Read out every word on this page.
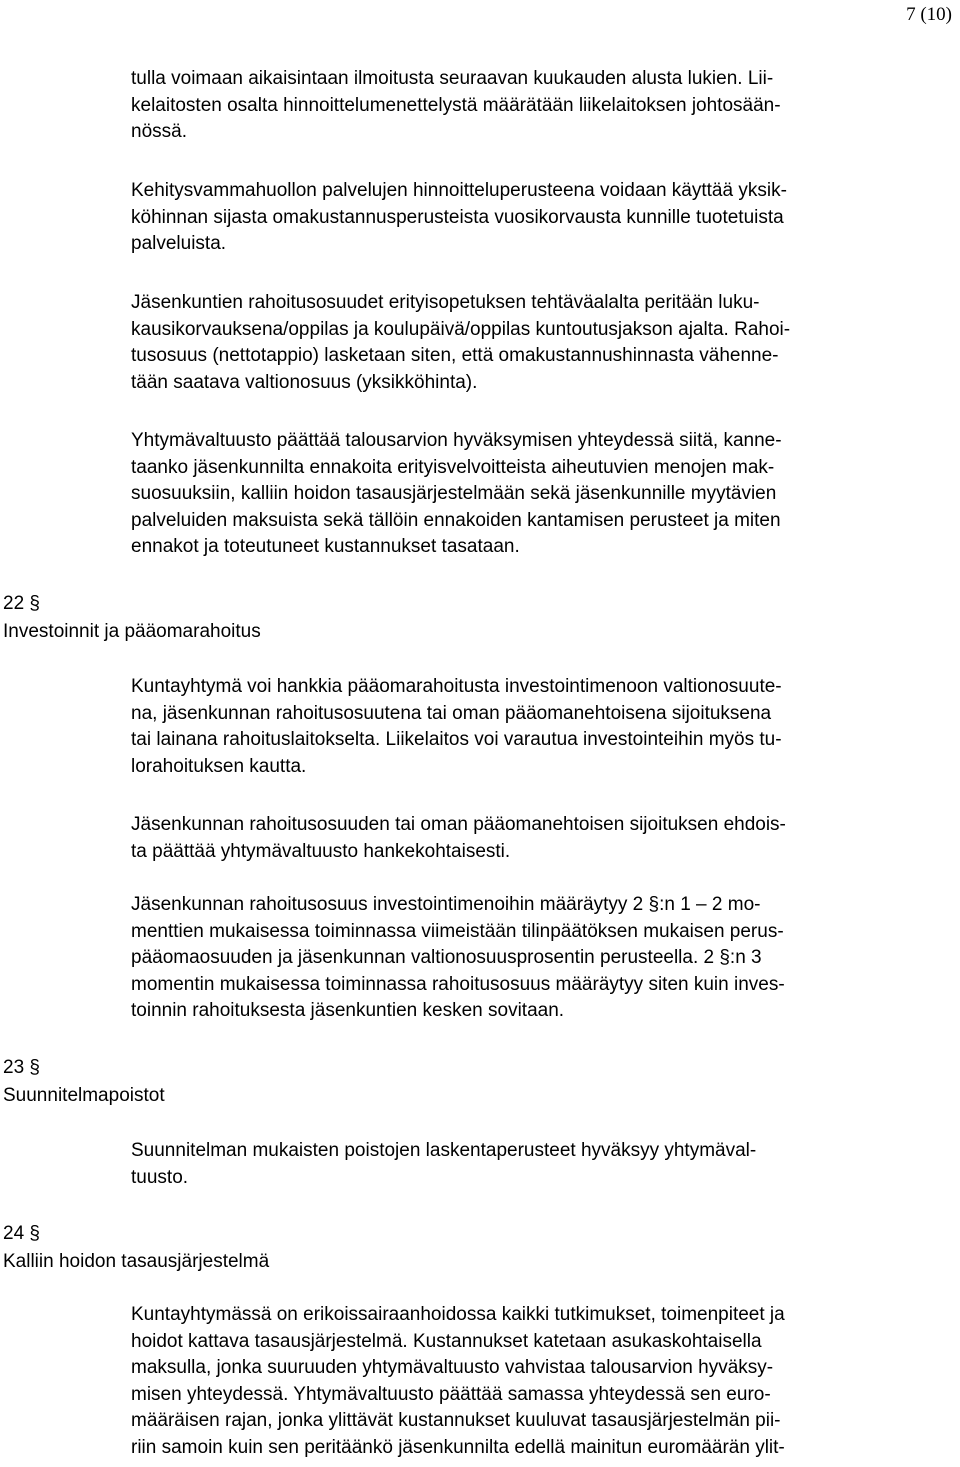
7 (10)

tulla voimaan aikaisintaan ilmoitusta seuraavan kuukauden alusta lukien. Lii-
kelaitosten osalta hinnoittelumenettelystä määrätään liikelaitoksen johtosään-
nössä.

Kehitysvammahuollon palvelujen hinnoitteluperusteena voidaan käyttää yksik-
köhinnan sijasta omakustannusperusteista vuosikorvausta kunnille tuotetuista
palveluista.

Jäsenkuntien rahoitusosuudet erityisopetuksen tehtäväalalta peritään luku-
kausikorvauksena/oppilas ja koulupäivä/oppilas kuntoutusjakson ajalta. Rahoi-
tusosuus (nettotappio) lasketaan siten, että omakustannushinnasta vähenne-
tään saatava valtionosuus (yksikköhinta).

Yhtymävaltuusto päättää talousarvion hyväksymisen yhteydessä siitä, kanne-
taanko jäsenkunnilta ennakoita erityisvelvoitteista aiheutuvien menojen mak-
suosuuksiin, kalliin hoidon tasausjärjestelmään sekä jäsenkunnille myytävien
palveluiden maksuista sekä tällöin ennakoiden kantamisen perusteet ja miten
ennakot ja toteutuneet kustannukset tasataan.

22 §
Investoinnit ja pääomarahoitus

Kuntayhtymä voi hankkia pääomarahoitusta investointimenoon valtionosuute-
na, jäsenkunnan rahoitusosuutena tai oman pääomanehtoisena sijoituksena
tai lainana rahoituslaitokselta. Liikelaitos voi varautua investointeihin myös tu-
lorahoituksen kautta.

Jäsenkunnan rahoitusosuuden tai oman pääomanehtoisen sijoituksen ehdois-
ta päättää yhtymävaltuusto hankekohtaisesti.

Jäsenkunnan rahoitusosuus investointimenoihin määräytyy 2 §:n 1 – 2 mo-
menttien mukaisessa toiminnassa viimeistään tilinpäätöksen mukaisen perus-
pääomaosuuden ja jäsenkunnan valtionosuusprosentin perusteella. 2 §:n 3
momentin mukaisessa toiminnassa rahoitusosuus määräytyy siten kuin inves-
toinnin rahoituksesta jäsenkuntien kesken sovitaan.

23 §
Suunnitelmapoistot

Suunnitelman mukaisten poistojen laskentaperusteet hyväksyy yhtymäval-
tuusto.

24 §
Kalliin hoidon tasausjärjestelmä

Kuntayhtymässä on erikoissairaanhoidossa kaikki tutkimukset, toimenpiteet ja
hoidot kattava tasausjärjestelmä. Kustannukset katetaan asukaskohtaisella
maksulla, jonka suuruuden yhtymävaltuusto vahvistaa talousarvion hyväksy-
misen yhteydessä. Yhtymävaltuusto päättää samassa yhteydessä sen euro-
määräisen rajan, jonka ylittävät kustannukset kuuluvat tasausjärjestelmän pii-
riin samoin kuin sen peritäänkö jäsenkunnilta edellä mainitun euromäärän ylit-
